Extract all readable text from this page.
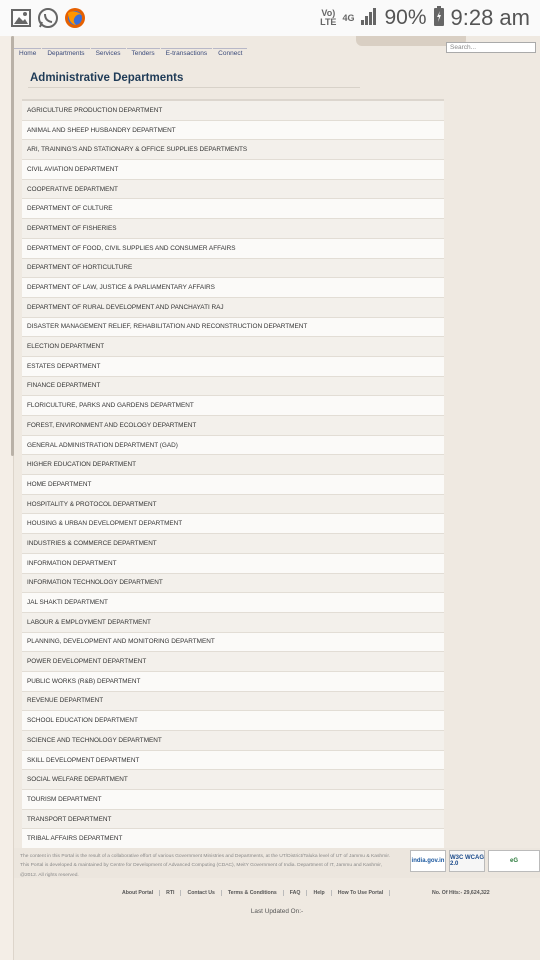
Vo)
LTE 4G 90% 9:28 am
Home	Departments	Services	Tenders	E-transactions	Connect
Search...
Administrative Departments
AGRICULTURE PRODUCTION DEPARTMENT
ANIMAL AND SHEEP HUSBANDRY DEPARTMENT
ARI, TRAINING'S AND STATIONARY & OFFICE SUPPLIES DEPARTMENTS
CIVIL AVIATION DEPARTMENT
COOPERATIVE DEPARTMENT
DEPARTMENT OF CULTURE
DEPARTMENT OF FISHERIES
DEPARTMENT OF FOOD, CIVIL SUPPLIES AND CONSUMER AFFAIRS
DEPARTMENT OF HORTICULTURE
DEPARTMENT OF LAW, JUSTICE & PARLIAMENTARY AFFAIRS
DEPARTMENT OF RURAL DEVELOPMENT AND PANCHAYATI RAJ
DISASTER MANAGEMENT RELIEF, REHABILITATION AND RECONSTRUCTION DEPARTMENT
ELECTION DEPARTMENT
ESTATES DEPARTMENT
FINANCE DEPARTMENT
FLORICULTURE, PARKS AND GARDENS DEPARTMENT
FOREST, ENVIRONMENT AND ECOLOGY DEPARTMENT
GENERAL ADMINISTRATION DEPARTMENT (GAD)
HIGHER EDUCATION DEPARTMENT
HOME DEPARTMENT
HOSPITALITY & PROTOCOL DEPARTMENT
HOUSING & URBAN DEVELOPMENT DEPARTMENT
INDUSTRIES & COMMERCE DEPARTMENT
INFORMATION DEPARTMENT
INFORMATION TECHNOLOGY DEPARTMENT
JAL SHAKTI DEPARTMENT
LABOUR & EMPLOYMENT DEPARTMENT
PLANNING, DEVELOPMENT AND MONITORING DEPARTMENT
POWER DEVELOPMENT DEPARTMENT
PUBLIC WORKS (R&B) DEPARTMENT
REVENUE DEPARTMENT
SCHOOL EDUCATION DEPARTMENT
SCIENCE AND TECHNOLOGY DEPARTMENT
SKILL DEVELOPMENT DEPARTMENT
SOCIAL WELFARE DEPARTMENT
TOURISM DEPARTMENT
TRANSPORT DEPARTMENT
TRIBAL AFFAIRS DEPARTMENT
The content in this Portal is the result of a collaborative effort of various Government Ministries and Departments, at the UT/District/Taluka level of UT of Jammu & Kashmir. This Portal is developed & maintained by Centre for Development of Advanced Computing (CDAC), MeitY Government of India. Department of IT, Jammu and Kashmir, @2012. All rights reserved.
india.gov.in W3C WCAG 2.0	eG
About Portal	RTI	Contact Us	Terms & Conditions	FAQ	Help	How To Use Portal	No. Of Hits:- 29,624,322
Last Updated On:-
